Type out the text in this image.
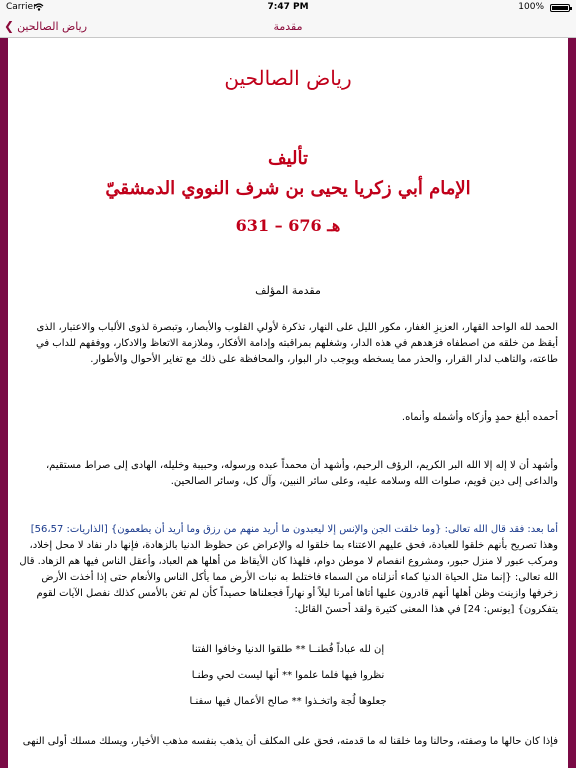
Carrier	7:47 PM	100%
❮ رياض الصالحين	مقدمة
رياض الصالحين
تأليف
الإمام أبي زكريا يحيى بن شرف النووي الدمشقيّ
631 – 676 هـ
مقدمة المؤلف
الحمد لله الواحد القهار، العزيزِ الغفار، مكور الليل على النهار، تذكرة لأولي القلوب والأبصار، وتبصرة لذوى الألباب والاعتبار، الذى أيقظ من خلقه من اصطفاه فزهدهم في هذه الدار، وشغلهم بمراقبته وإدامة الأفكار، وملازمة الاتعاظ والادكار، ووفقهم للداب في طاعته، والتاهب لدار القرار، والحذر مما يسخطه ويوجب دار البوار، والمحافظة على ذلك مع تغاير الأحوال والأطوار.
أحمده أبلغ حمدٍ وأزكاه وأشمله وأنماه.
وأشهد أن لا إله إلا الله البر الكريم، الرؤف الرحيم، وأشهد أن محمداً عبده ورسوله، وحبيبة وخليله، الهادى إلى صراط مستقيم، والداعى إلى دين قويم، صلوات الله وسلامه عليه، وعلى سائر النبين، وآل كل، وسائر الصالحين.
أما بعد: فقد قال الله تعالى: {وما خلقت الجن والإنس إلا ليعبدون ما أريد منهم من رزق وما أريد أن يطعمون} [الذاريات: 56،57] وهذا تصريح بأنهم خلقوا للعبادة، فحق عليهم الاعتناء بما خلقوا له والإعراض عن حظوظ الدنيا بالزهادة، فإنها دار نفاد لا محل إخلاد، ومركب عبور لا منزل حبور، ومشروع انفصام لا موطن دوام، فلهذا كان الأيقاظ من أهلها هم العباد، وأعقل الناس فيها هم الزهاد. قال الله تعالى: {إنما مثل الحياة الدنيا كماء أنزلناه من السماء فاختلط به نبات الأرض مما يأكل الناس والأنعام حتى إذا أخذت الأرض زخرفها وازينت وظن أهلها أنهم قادرون عليها أتاها أمرنا ليلاً أو نهاراً فجعلناها حصيداً كأن لم تغن بالأمس كذلك نفصل الآيات لقوم يتفكرون} [يونس: 24] في هذا المعنى كثيرة ولقد أحسنَ القائل:
إن لله عباداً فُطنــا ** طلقوا الدنيا وخافوا الفتنا
نظروا فيها فلما علموا ** أنها ليست لحي وطنـا
جعلوها لُجة واتخـذوا ** صالح الأعمال فيها سفنـا
فإذا كان حالها ما وصفته، وحالنا وما خلقنا له ما قدمته، فحق على المكلف أن يذهب بنفسه مذهب الأخيار، ويسلك مسلك أولى النهى
